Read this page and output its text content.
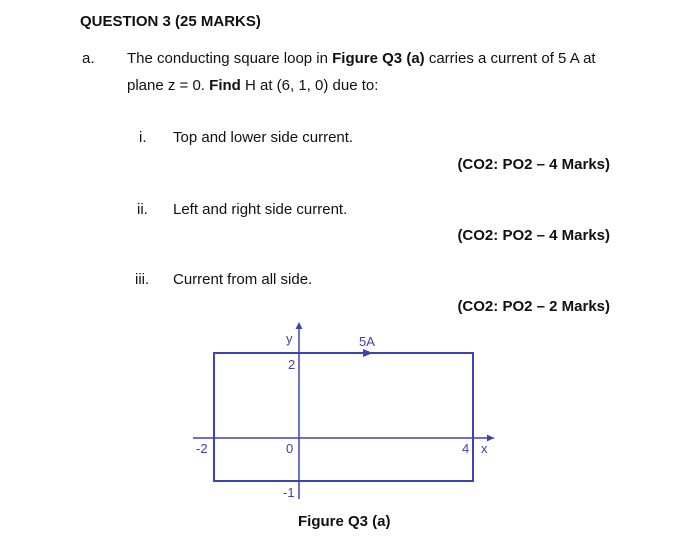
QUESTION 3 (25 MARKS)
a. The conducting square loop in Figure Q3 (a) carries a current of 5 A at
plane z = 0. Find H at (6, 1, 0) due to:
i. Top and lower side current.
(CO2: PO2 – 4 Marks)
ii. Left and right side current.
(CO2: PO2 – 4 Marks)
iii. Current from all side.
(CO2: PO2 – 2 Marks)
y
x
5A
2
-2	0	4
-1
Figure Q3 (a)
